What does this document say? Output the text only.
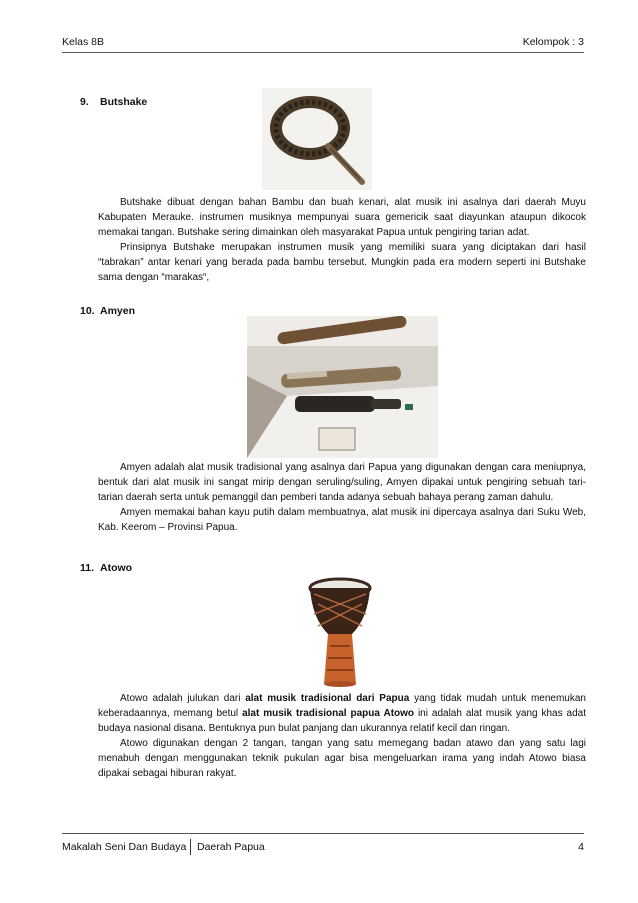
Kelas 8B	Kelompok : 3
9. Butshake

Butshake dibuat dengan bahan Bambu dan buah kenari, alat musik ini asalnya dari daerah Muyu Kabupaten Merauke. instrumen musiknya mempunyai suara gemericik saat diayunkan ataupun dikocok memakai tangan. Butshake sering dimainkan oleh masyarakat Papua untuk pengiring tarian adat.

Prinsipnya Butshake merupakan instrumen musik yang memiliki suara yang diciptakan dari hasil “tabrakan” antar kenari yang berada pada bambu tersebut. Mungkin pada era modern seperti ini Butshake sama dengan “marakas“,

10. Amyen

Amyen adalah alat musik tradisional yang asalnya dari Papua yang digunakan dengan cara meniupnya, bentuk dari alat musik ini sangat mirip dengan seruling/suling, Amyen dipakai untuk pengiring sebuah tari-tarian daerah serta untuk pemanggil dan pemberi tanda adanya sebuah bahaya perang zaman dahulu.

Amyen memakai bahan kayu putih dalam membuatnya, alat musik ini dipercaya asalnya dari Suku Web, Kab. Keerom – Provinsi Papua.

11. Atowo

Atowo adalah julukan dari alat musik tradisional dari Papua yang tidak mudah untuk menemukan keberadaannya, memang betul alat musik tradisional papua Atowo ini adalah alat musik yang khas adat budaya nasional disana. Bentuknya pun bulat panjang dan ukurannya relatif kecil dan ringan.

Atowo digunakan dengan 2 tangan, tangan yang satu memegang badan atawo dan yang satu lagi menabuh dengan menggunakan teknik pukulan agar bisa mengeluarkan irama yang indah Atowo biasa dipakai sebagai hiburan rakyat.

Makalah Seni Dan Budaya Daerah Papua	4
